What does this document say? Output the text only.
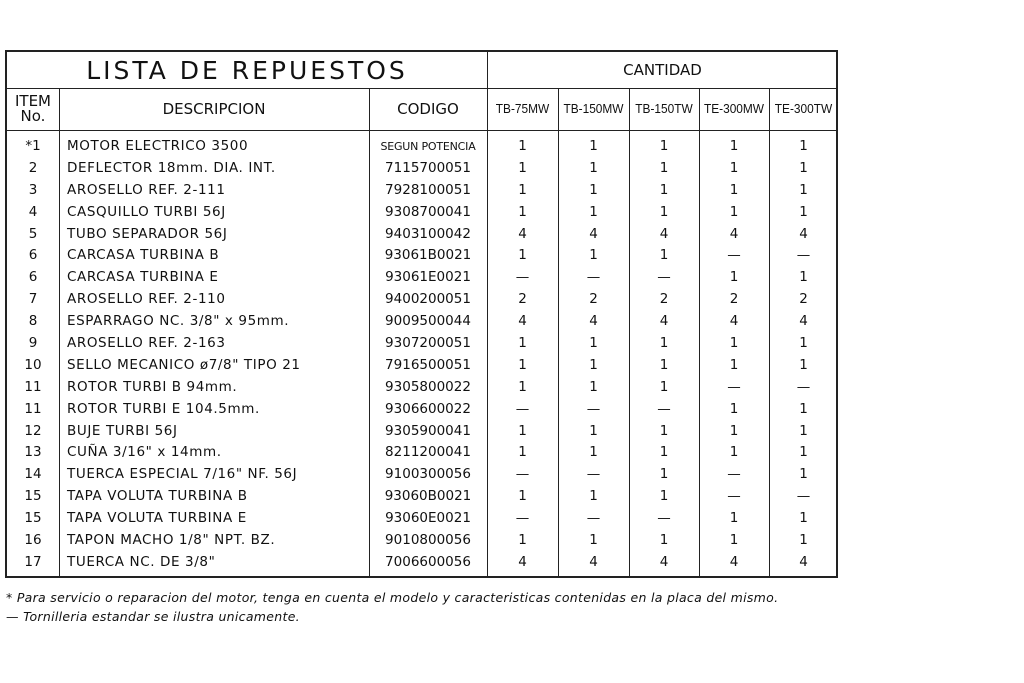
LISTA DE REPUESTOS	CANTIDAD
ITEM
No.	DESCRIPCION	CODIGO	TB-75MW	TB-150MW TB-150TW TE-300MW TE-300TW
*1	MOTOR ELECTRICO 3500	SEGUN POTENCIA	1	1	1	1	1
2	DEFLECTOR 18mm. DIA. INT.	7115700051	1	1	1	1	1
3	AROSELLO REF. 2-111	7928100051	1	1	1	1	1
4	CASQUILLO TURBI 56J	9308700041	1	1	1	1	1
5	TUBO SEPARADOR 56J	9403100042	4	4	4	4	4
6	CARCASA TURBINA B	93061B0021	1	1	1	—	—
6	CARCASA TURBINA E	93061E0021	—	—	—	1	1
7	AROSELLO REF. 2-110	9400200051	2	2	2	2	2
8	ESPARRAGO NC. 3/8" x 95mm.	9009500044	4	4	4	4	4
9	AROSELLO REF. 2-163	9307200051	1	1	1	1	1
10	SELLO MECANICO ø7/8" TIPO 21	7916500051	1	1	1	1	1
11	ROTOR TURBI B 94mm.	9305800022	1	1	1	—	—
11	ROTOR TURBI E 104.5mm.	9306600022	—	—	—	1	1
12	BUJE TURBI 56J	9305900041	1	1	1	1	1
13	CUÑA 3/16" x 14mm.	8211200041	1	1	1	1	1
14	TUERCA ESPECIAL 7/16" NF. 56J	9100300056	—	—	1	—	1
15	TAPA VOLUTA TURBINA B	93060B0021	1	1	1	—	—
15	TAPA VOLUTA TURBINA E	93060E0021	—	—	—	1	1
16	TAPON MACHO 1/8" NPT. BZ.	9010800056	1	1	1	1	1
17	TUERCA NC. DE 3/8"	7006600056	4	4	4	4	4
* Para servicio o reparacion del motor, tenga en cuenta el modelo y caracteristicas contenidas en la placa del mismo.
— Tornilleria estandar se ilustra unicamente.
